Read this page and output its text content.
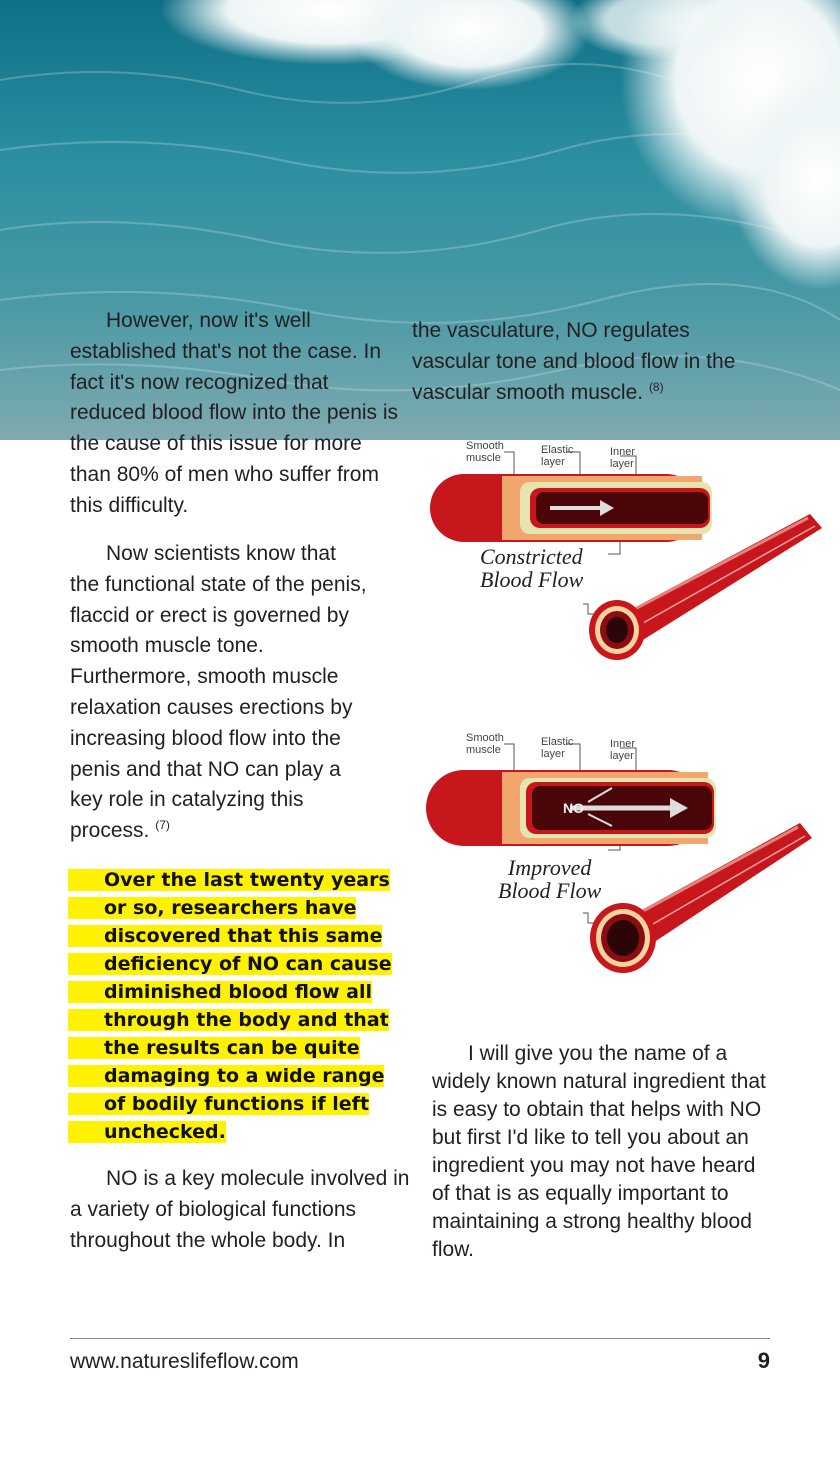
However, now it's well established that's not the case. In fact it's now recognized that reduced blood flow into the penis is the cause of this issue for more than 80% of men who suffer from this difficulty.

Now scientists know that the functional state of the penis, flaccid or erect is governed by smooth muscle tone. Furthermore, smooth muscle relaxation causes erections by increasing blood flow into the penis and that NO can play a key role in catalyzing this process. $^{(7)}$

Over the last twenty years or so, researchers have discovered that this same deficiency of NO can cause diminished blood flow all through the body and that the results can be quite damaging to a wide range of bodily functions if left unchecked.

NO is a key molecule involved in a variety of biological functions throughout the whole body. In

the vasculature, NO regulates vascular tone and blood flow in the vascular smooth muscle. $^{(8)}$

I will give you the name of a widely known natural ingredient that is easy to obtain that helps with NO but first I'd like to tell you about an ingredient you may not have heard of that is as equally important to maintaining a strong healthy blood flow.

Smooth
muscle
Elastic
layer
Inner
layer
Constricted
Blood Flow
Smooth
muscle
Elastic
layer
Inner
layer
NO
Improved
Blood Flow
www.natureslifeflow.com	9
